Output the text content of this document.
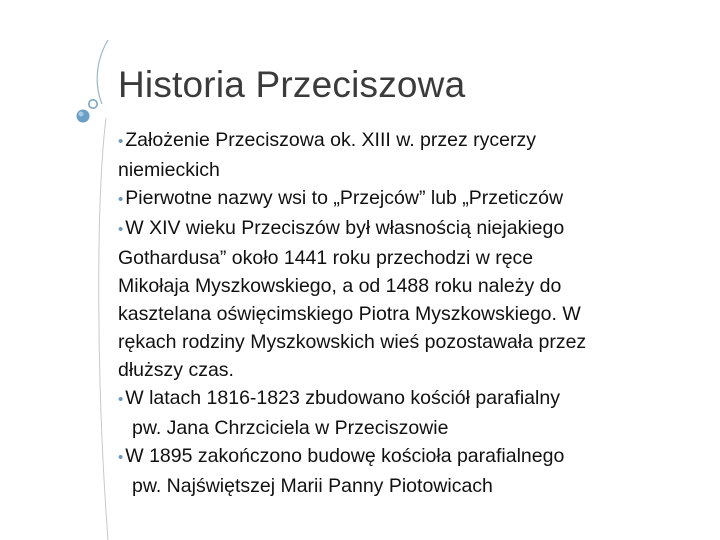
Historia Przeciszowa
• Założenie Przeciszowa ok. XIII w. przez rycerzy
niemieckich
• Pierwotne nazwy wsi to „Przejców” lub „Przeticzów
• W XIV wieku Przeciszów był własnością niejakiego
Gothardusa” około 1441 roku przechodzi w ręce
Mikołaja Myszkowskiego, a od 1488 roku należy do
kasztelana oświęcimskiego Piotra Myszkowskiego. W
rękach rodziny Myszkowskich wieś pozostawała przez
dłuższy czas.
• W latach 1816-1823 zbudowano kościół parafialny
pw. Jana Chrzciciela w Przeciszowie
• W 1895 zakończono budowę kościoła parafialnego
pw. Najświętszej Marii Panny Piotowicach
